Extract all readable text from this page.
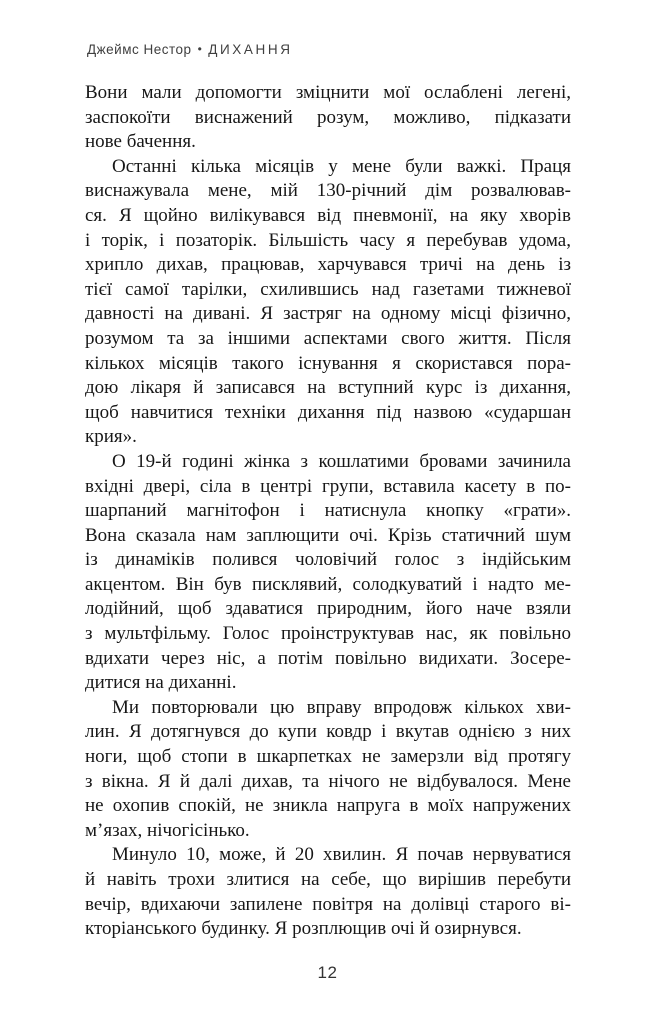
Джеймс Нестор • ДИХАННЯ
Вони мали допомогти зміцнити мої ослаблені легені,
заспокоїти виснажений розум, можливо, підказати
нове бачення.
Останні кілька місяців у мене були важкі. Праця
виснажувала мене, мій 130-річний дім розвалював-
ся. Я щойно вилікувався від пневмонії, на яку хворів
і торік, і позаторік. Більшість часу я перебував удома,
хрипло дихав, працював, харчувався тричі на день із
тієї самої тарілки, схилившись над газетами тижневої
давності на дивані. Я застряг на одному місці фізично,
розумом та за іншими аспектами свого життя. Після
кількох місяців такого існування я скористався пора-
дою лікаря й записався на вступний курс із дихання,
щоб навчитися техніки дихання під назвою «сударшан
крия».
О 19-й годині жінка з кошлатими бровами зачинила
вхідні двері, сіла в центрі групи, вставила касету в по-
шарпаний магнітофон і натиснула кнопку «грати».
Вона сказала нам заплющити очі. Крізь статичний шум
із динаміків полився чоловічий голос з індійським
акцентом. Він був писклявий, солодкуватий і надто ме-
лодійний, щоб здаватися природним, його наче взяли
з мультфільму. Голос проінструктував нас, як повільно
вдихати через ніс, а потім повільно видихати. Зосере-
дитися на диханні.
Ми повторювали цю вправу впродовж кількох хви-
лин. Я дотягнувся до купи ковдр і вкутав однією з них
ноги, щоб стопи в шкарпетках не замерзли від протягу
з вікна. Я й далі дихав, та нічого не відбувалося. Мене
не охопив спокій, не зникла напруга в моїх напружених
м’язах, нічогісінько.
Минуло 10, може, й 20 хвилин. Я почав нервуватися
й навіть трохи злитися на себе, що вирішив перебути
вечір, вдихаючи запилене повітря на долівці старого ві-
кторіанського будинку. Я розплющив очі й озирнувся.
12
